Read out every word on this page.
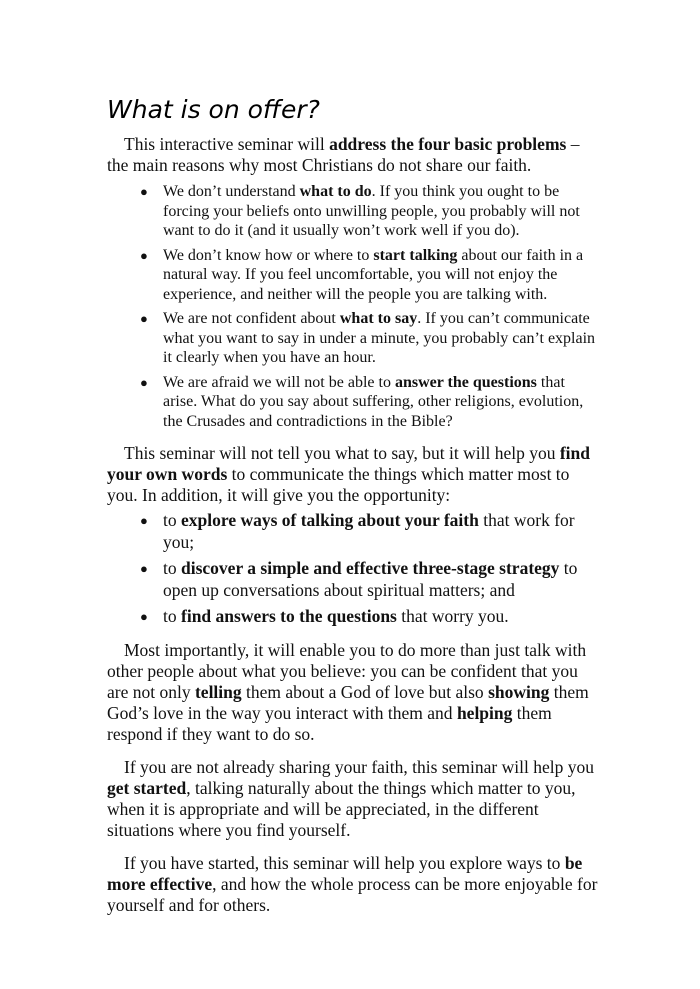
What is on offer?

This interactive seminar will address the four basic problems – the main reasons why most Christians do not share our faith.

● We don’t understand what to do. If you think you ought to be forcing your beliefs onto unwilling people, you probably will not want to do it (and it usually won’t work well if you do).
● We don’t know how or where to start talking about our faith in a natural way. If you feel uncomfortable, you will not enjoy the experience, and neither will the people you are talking with.
● We are not confident about what to say. If you can’t communicate what you want to say in under a minute, you probably can’t explain it clearly when you have an hour.
● We are afraid we will not be able to answer the questions that arise. What do you say about suffering, other religions, evolution, the Crusades and contradictions in the Bible?

This seminar will not tell you what to say, but it will help you find your own words to communicate the things which matter most to you. In addition, it will give you the opportunity:

● to explore ways of talking about your faith that work for you;
● to discover a simple and effective three-stage strategy to open up conversations about spiritual matters; and
● to find answers to the questions that worry you.

Most importantly, it will enable you to do more than just talk with other people about what you believe: you can be confident that you are not only telling them about a God of love but also showing them God’s love in the way you interact with them and helping them respond if they want to do so.

If you are not already sharing your faith, this seminar will help you get started, talking naturally about the things which matter to you, when it is appropriate and will be appreciated, in the different situations where you find yourself.

If you have started, this seminar will help you explore ways to be more effective, and how the whole process can be more enjoyable for yourself and for others.
